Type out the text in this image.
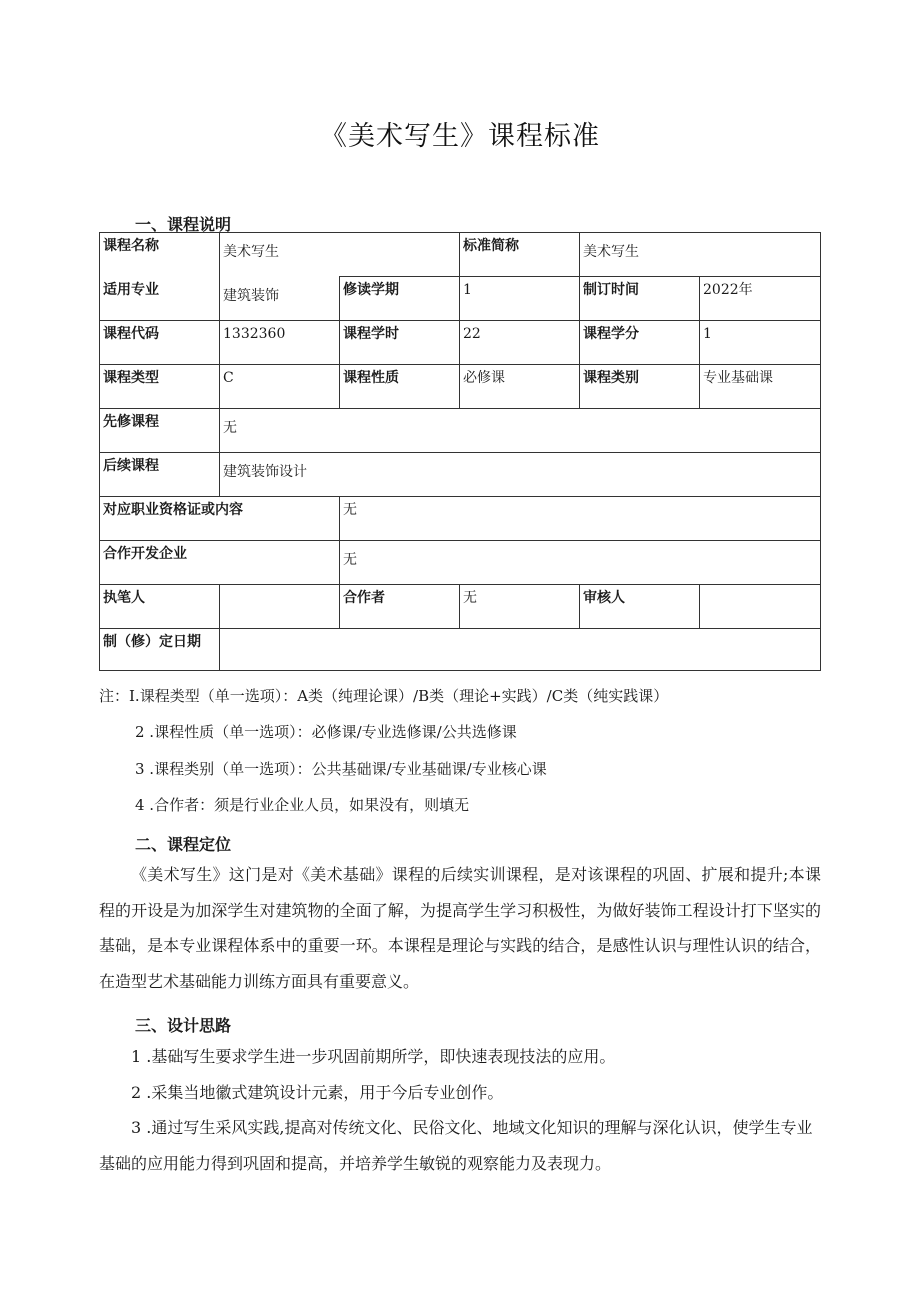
《美术写生》课程标准
一、课程说明
课程名称	美术写生		标准简称	美术写生	
适用专业	建筑装饰	修读学期	1	制订时间	2022年
课程代码	1332360	课程学时	22	课程学分	1
课程类型	C	课程性质	必修课	课程类别	专业基础课
先修课程	无				
后续课程	建筑装饰设计				
对应职业资格证或内容		无			
合作开发企业		无			
执笔人		合作者	无	审核人	
制（修）定日期					
注：I.课程类型（单一选项）：A类（纯理论课）/B类（理论+实践）/C类（纯实践课）
2 .课程性质（单一选项）：必修课/专业选修课/公共选修课
3 .课程类别（单一选项）：公共基础课/专业基础课/专业核心课
4 .合作者：须是行业企业人员，如果没有，则填无
二、课程定位
《美术写生》这门是对《美术基础》课程的后续实训课程，是对该课程的巩固、扩展和提升;本课程的开设是为加深学生对建筑物的全面了解，为提高学生学习积极性，为做好装饰工程设计打下坚实的基础，是本专业课程体系中的重要一环。本课程是理论与实践的结合，是感性认识与理性认识的结合，在造型艺术基础能力训练方面具有重要意义。
三、设计思路
1 .基础写生要求学生进一步巩固前期所学，即快速表现技法的应用。
2 .采集当地徽式建筑设计元素，用于今后专业创作。
3 .通过写生采风实践,提高对传统文化、民俗文化、地域文化知识的理解与深化认识，使学生专业基础的应用能力得到巩固和提高，并培养学生敏锐的观察能力及表现力。
